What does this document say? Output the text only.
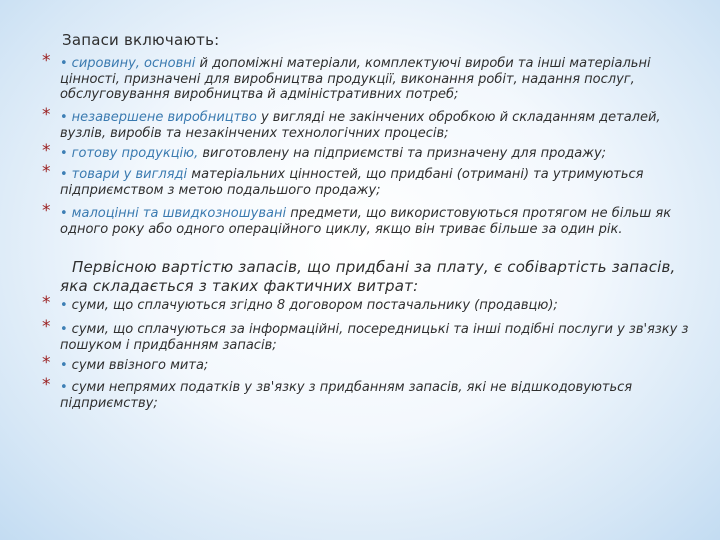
Запаси включають:
* • сировину, основні й допоміжні матеріали, комплектуючі вироби та інші матеріальні цінності, призначені для виробництва продукції, виконання робіт, надання послуг, обслуговування виробництва й адміністративних потреб;
* • незавершене виробництво у вигляді не закінчених обробкою й складанням деталей, вузлів, виробів та незакінчених технологічних процесів;
* • готову продукцію, виготовлену на підприємстві та призначену для продажу;
* • товари у вигляді матеріальних цінностей, що придбані (отримані) та утримуються підприємством з метою подальшого продажу;
* • малоцінні та швидкозношувані предмети, що використовуються протягом не більш як одного року або одного операційного циклу, якщо він триває більше за один рік.
Первісною вартістю запасів, що придбані за плату, є собівартість запасів, яка складається з таких фактичних витрат:
* • суми, що сплачуються згідно 8 договором постачальнику (продавцю);
* • суми, що сплачуються за інформаційні, посередницькі та інші подібні послуги у зв'язку з пошуком і придбанням запасів;
* • суми ввізного мита;
* • суми непрямих податків у зв'язку з придбанням запасів, які не відшкодовуються підприємству;
